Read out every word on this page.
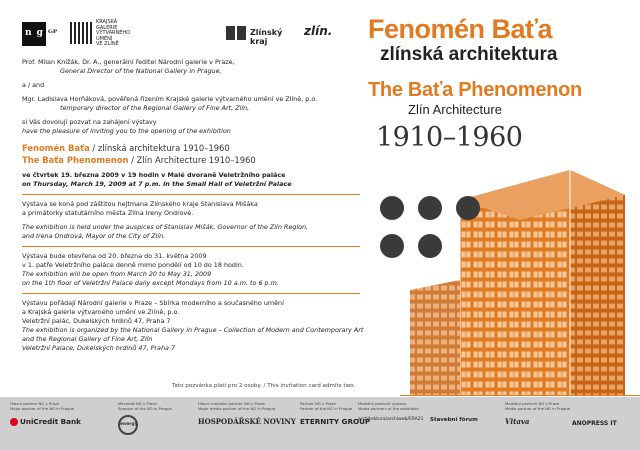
n g ᴳᴾ
KRAJSKÁ
GALERIE
VÝTVARNÉHO
UMĚNÍ
VE ZLÍNĚ
Zlínský kraj
zlín.
Prof. Milan Knížák, Dr. A., generální ředitel Národní galerie v Praze,
General Director of the National Gallery in Prague,
a / and
Mgr. Ladislava Horňáková, pověřená řízením Krajské galerie výtvarného umění ve Zlíně, p.o.
temporary director of the Regional Gallery of Fine Art, Zlín,
si Vás dovolují pozvat na zahájení výstavy
have the pleasure of inviting you to the opening of the exhibition
Fenomén Baťa / zlínská architektura 1910–1960
The Baťa Phenomenon / Zlín Architecture 1910–1960
ve čtvrtek 19. března 2009 v 19 hodin v Malé dvoraně Veletržního paláce
on Thursday, March 19, 2009 at 7 p.m. in the Small Hall of Veletržní Palace
Výstava se koná pod záštitou hejtmana Zlínského kraje Stanislava Mišáka
a primátorky statutárního města Zlína Ireny Ondrové.
The exhibition is held under the auspices of Stanislav Mišák, Governor of the Zlín Region,
and Irena Ondrová, Mayor of the City of Zlín.
Výstava bude otevřena od 20. března do 31. května 2009
v 1. patře Veletržního paláce denně mimo pondělí od 10 do 18 hodin.
The exhibition will be open from March 20 to May 31, 2009
on the 1th floor of Veletržní Palace daily except Mondays from 10 a.m. to 6 p.m.
Výstavu pořádají Národní galerie v Praze – Sbírka moderního a současného umění
a Krajská galerie výtvarného umění ve Zlíně, p.o.
Veletržní palác, Dukelských hrdinů 47, Praha 7
The exhibition is organized by the National Gallery in Prague – Collection of Modern and Contemporary Art
and the Regional Gallery of Fine Art, Zlín
Veletržní Palace, Dukelských hrdinů 47, Praha 7
Tato pozvánka platí pro 2 osoby. / This invitation card admits two.
Fenomén Baťa
zlínská architektura
The Baťa Phenomenon
Zlín Architecture
1910–1960
Hlavní partner NG v Praze
Major partner of the NG in Prague
UniCredit Bank
Mecenáš NG v Praze
Sponsor of the NG in Prague
energy
Hlavní mediální partner NG v Praze
Major media partner of the NG in Prague
HOSPODÁŘSKÉ NOVINY
Partner NG v Praze
Partner of the NG in Prague
ETERNITY GROUP
Mediální partneři výstavy
Media partners of the exhibition
architektura/archiweb/ERA21 Stavební fórum
Mediální partneři NG v Praze
Media partner of the NG in Prague
Vltava	ANOPRESS IT
